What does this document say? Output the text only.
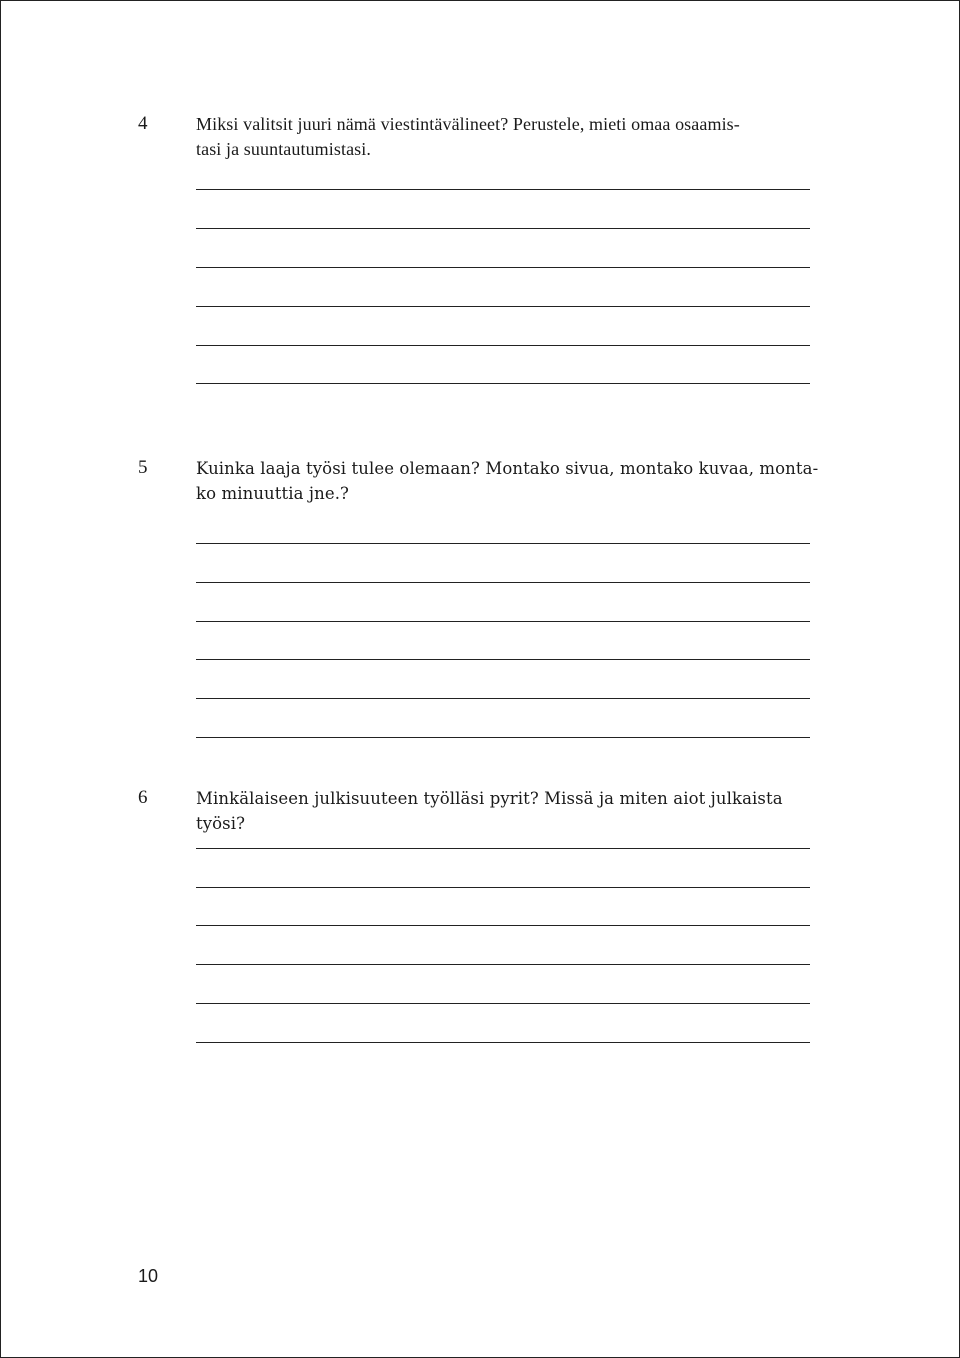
4	Miksi valitsit juuri nämä viestintävälineet? Perustele, mieti omaa osaamis-
tasi ja suuntautumistasi.
5	Kuinka laaja työsi tulee olemaan? Montako sivua, montako kuvaa, monta-
ko minuuttia jne.?
6	Minkälaiseen julkisuuteen työlläsi pyrit? Missä ja miten aiot julkaista työsi?
10
